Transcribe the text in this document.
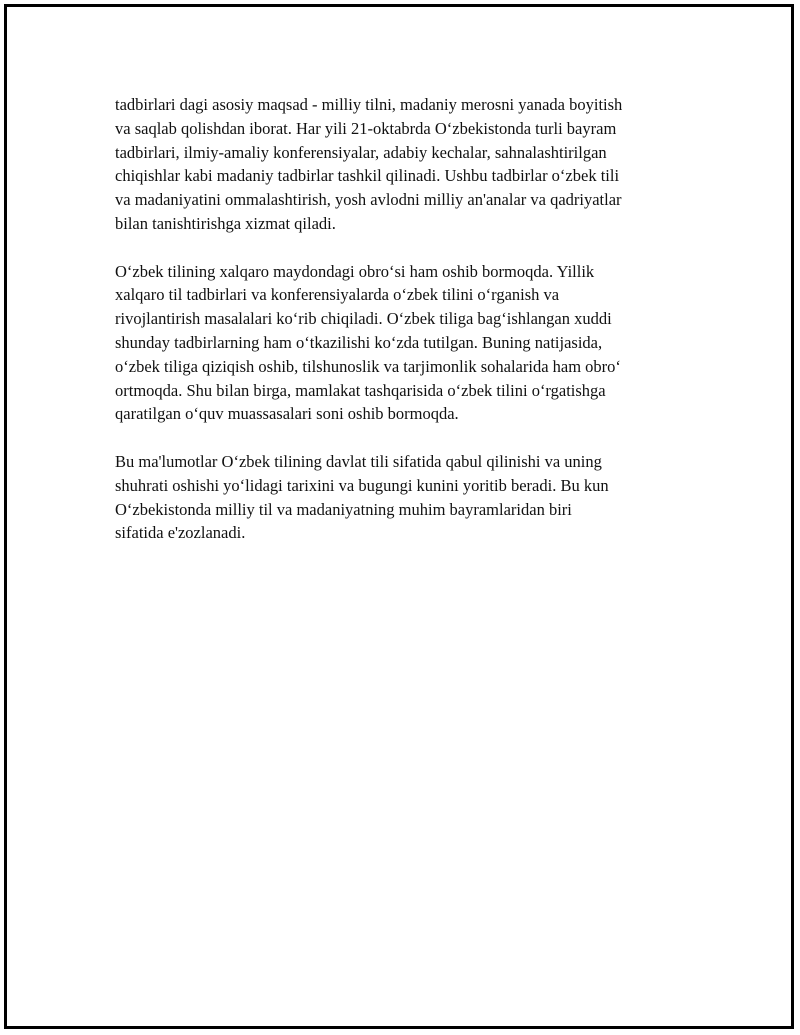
tadbirlari dagi asosiy maqsad - milliy tilni, madaniy merosni yanada boyitish
va saqlab qolishdan iborat. Har yili 21-oktabrda O‘zbekistonda turli bayram
tadbirlari, ilmiy-amaliy konferensiyalar, adabiy kechalar, sahnalashtirilgan
chiqishlar kabi madaniy tadbirlar tashkil qilinadi. Ushbu tadbirlar o‘zbek tili
va madaniyatini ommalashtirish, yosh avlodni milliy an'analar va qadriyatlar
bilan tanishtirishga xizmat qiladi.

O‘zbek tilining xalqaro maydondagi obro‘si ham oshib bormoqda. Yillik
xalqaro til tadbirlari va konferensiyalarda o‘zbek tilini o‘rganish va
rivojlantirish masalalari ko‘rib chiqiladi. O‘zbek tiliga bag‘ishlangan xuddi
shunday tadbirlarning ham o‘tkazilishi ko‘zda tutilgan. Buning natijasida,
o‘zbek tiliga qiziqish oshib, tilshunoslik va tarjimonlik sohalarida ham obro‘
ortmoqda. Shu bilan birga, mamlakat tashqarisida o‘zbek tilini o‘rgatishga
qaratilgan o‘quv muassasalari soni oshib bormoqda.

Bu ma'lumotlar O‘zbek tilining davlat tili sifatida qabul qilinishi va uning
shuhrati oshishi yo‘lidagi tarixini va bugungi kunini yoritib beradi. Bu kun
O‘zbekistonda milliy til va madaniyatning muhim bayramlaridan biri
sifatida e'zozlanadi.
